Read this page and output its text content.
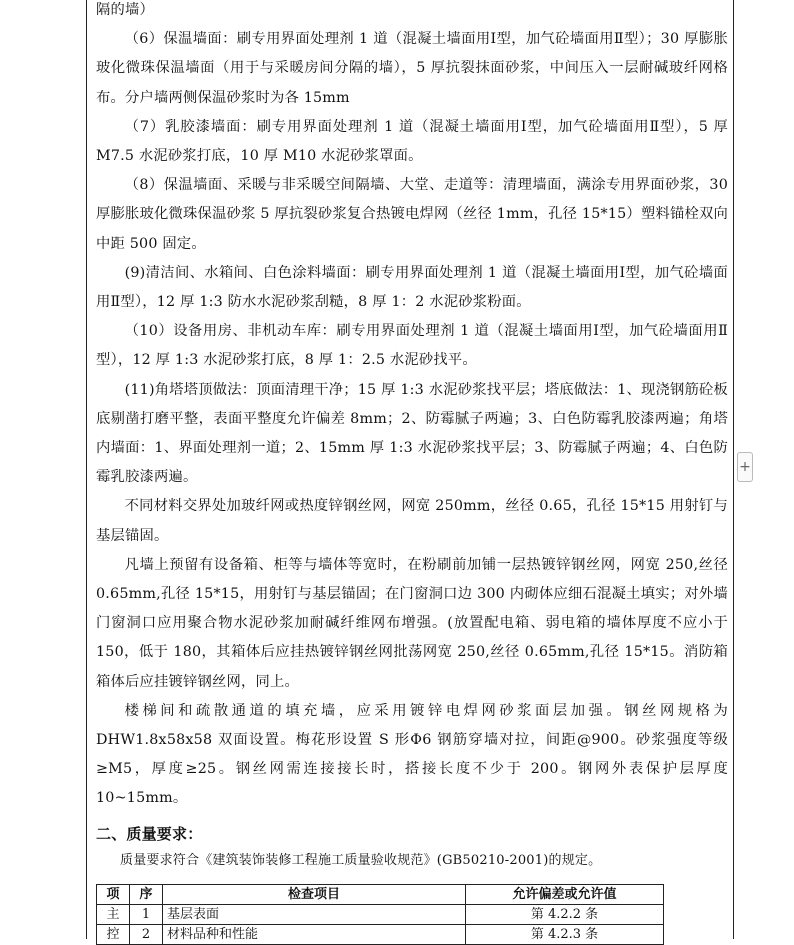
隔的墙）

（6）保温墙面：刷专用界面处理剂 1 道（混凝土墙面用Ⅰ型，加气砼墙面用Ⅱ型）；30 厚膨胀玻化微珠保温墙面（用于与采暖房间分隔的墙），5 厚抗裂抹面砂浆，中间压入一层耐碱玻纤网格布。分户墙两侧保温砂浆时为各 15mm

（7）乳胶漆墙面：刷专用界面处理剂 1 道（混凝土墙面用Ⅰ型，加气砼墙面用Ⅱ型），5 厚 M7.5 水泥砂浆打底，10 厚 M10 水泥砂浆罩面。

（8）保温墙面、采暖与非采暖空间隔墙、大堂、走道等：清理墙面，满涂专用界面砂浆，30 厚膨胀玻化微珠保温砂浆 5 厚抗裂砂浆复合热镀电焊网（丝径 1mm，孔径 15*15）塑料锚栓双向中距 500 固定。

(9)清洁间、水箱间、白色涂料墙面：刷专用界面处理剂 1 道（混凝土墙面用Ⅰ型，加气砼墙面用Ⅱ型），12 厚 1:3 防水水泥砂浆刮糙，8 厚 1：2 水泥砂浆粉面。

（10）设备用房、非机动车库：刷专用界面处理剂 1 道（混凝土墙面用Ⅰ型，加气砼墙面用Ⅱ型），12 厚 1:3 水泥砂浆打底，8 厚 1：2.5 水泥砂找平。

(11)角塔塔顶做法：顶面清理干净；15 厚 1:3 水泥砂浆找平层；塔底做法：1、现浇钢筋砼板底剔凿打磨平整，表面平整度允许偏差 8mm；2、防霉腻子两遍；3、白色防霉乳胶漆两遍；角塔内墙面：1、界面处理剂一道；2、15mm 厚 1:3 水泥砂浆找平层；3、防霉腻子两遍；4、白色防霉乳胶漆两遍。

不同材料交界处加玻纤网或热度锌钢丝网，网宽 250mm，丝径 0.65，孔径 15*15 用射钉与基层锚固。

凡墙上预留有设备箱、柜等与墙体等宽时，在粉刷前加铺一层热镀锌钢丝网，网宽 250,丝径 0.65mm,孔径 15*15，用射钉与基层锚固；在门窗洞口边 300 内砌体应细石混凝土填实；对外墙门窗洞口应用聚合物水泥砂浆加耐碱纤维网布增强。(放置配电箱、弱电箱的墙体厚度不应小于 150，低于 180，其箱体后应挂热镀锌钢丝网批荡网宽 250,丝径 0.65mm,孔径 15*15。消防箱箱体后应挂镀锌钢丝网，同上。

楼梯间和疏散通道的填充墙，应采用镀锌电焊网砂浆面层加强。钢丝网规格为 DHW1.8x58x58 双面设置。梅花形设置 S 形Φ6 钢筋穿墙对拉，间距@900。砂浆强度等级≥M5，厚度≥25。钢丝网需连接接长时，搭接长度不少于 200。钢网外表保护层厚度 10~15mm。

二、质量要求：

质量要求符合《建筑装饰装修工程施工质量验收规范》(GB50210-2001)的规定。

+
项	序	检查项目	允许偏差或允许值
主	1	基层表面	第 4.2.2 条
控	2	材料品种和性能	第 4.2.3 条
